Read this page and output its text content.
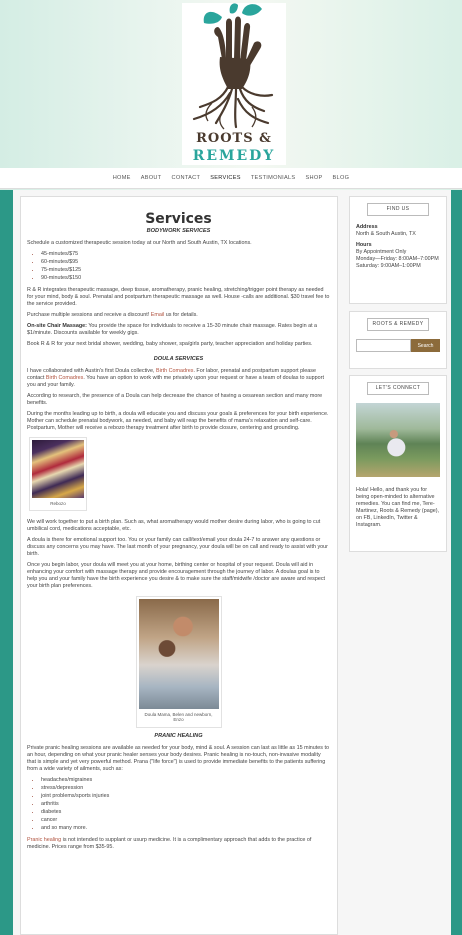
ROOTS &
REMEDY
HOME ABOUT CONTACT SERVICES TESTIMONIALS SHOP BLOG
Services
BODYWORK SERVICES

Schedule a customized therapeutic session today at our North and South Austin, TX locations.

• 45-minutes/$75
• 60-minutes/$95
• 75-minutes/$125
• 90-minutes/$150

R & R integrates therapeutic massage, deep tissue, aromatherapy, pranic healing, stretching/trigger point therapy as needed for your mind, body & soul. Prenatal and postpartum therapeutic massage as well. House -calls are additional. $30 travel fee to the service provided.

Purchase multiple sessions and receive a discount! Email us for details.

On-site Chair Massage: You provide the space for individuals to receive a 15-30 minute chair massage. Rates begin at a $1/minute. Discounts available for weekly gigs.

Book R & R for your next bridal shower, wedding, baby shower, spa/girls party, teacher appreciation and holiday parties.

DOULA SERVICES

I have collaborated with Austin's first Doula collective, Birth Comadres. For labor, prenatal and postpartum support please contact Birth Comadres. You have an option to work with me privately upon your request or have a team of doulas to support you and your family.

According to research, the presence of a Doula can help decrease the chance of having a cesarean section and many more benefits.

During the months leading up to birth, a doula will educate you and discuss your goals & preferences for your birth experience. Mother can schedule prenatal bodywork, as needed, and baby will reap the benefits of mama's relaxation and self-care. Postpartum, Mother will receive a rebozo therapy treatment after birth to provide closure, centering and grounding.

Rebozo

We will work together to put a birth plan. Such as, what aromatherapy would mother desire during labor, who is going to cut umbilical cord, medications acceptable, etc.

A doula is there for emotional support too. You or your family can call/text/email your doula 24-7 to answer any questions or discuss any concerns you may have. The last month of your pregnancy, your doula will be on call and ready to assist with your birth.

Once you begin labor, your doula will meet you at your home, birthing center or hospital of your request. Doula will aid in enhancing your comfort with massage therapy and provide encouragement through the journey of labor. A doulas goal is to help you and your family have the birth experience you desire & to make sure the staff/midwife /doctor are aware and respect your birth plan preferences.

Doula Mama, Belen and newborn,
Enzo
PRANIC HEALING

Private pranic healing sessions are available as needed for your body, mind & soul. A session can last as little as 15 minutes to an hour, depending on what your pranic healer senses your body desires. Pranic healing is no-touch, non-invasive modality that is simple and yet very powerful method. Prana ("life force") is used to provide immediate benefits to the patients suffering from a wide variety of ailments, such as:

• headaches/migraines
• stress/depression
• joint problems/sports injuries
• arthritis
• diabetes
• cancer
• and so many more.

Pranic healing is not intended to supplant or usurp medicine. It is a complimentary approach that adds to the practice of medicine. Prices range from $35-95.

FIND US
Address
North & South Austin, TX
Hours
By Appointment Only
Monday—Friday: 8:00AM–7:00PM
Saturday: 9:00AM–1:00PM
ROOTS & REMEDY
Search
LET'S CONNECT
Hola! Hello, and thank you for being open-minded to alternative remedies. You can find me, Tere- Martinez, Roots & Remedy (page), on FB, LinkedIn, Twitter & Instagram.
